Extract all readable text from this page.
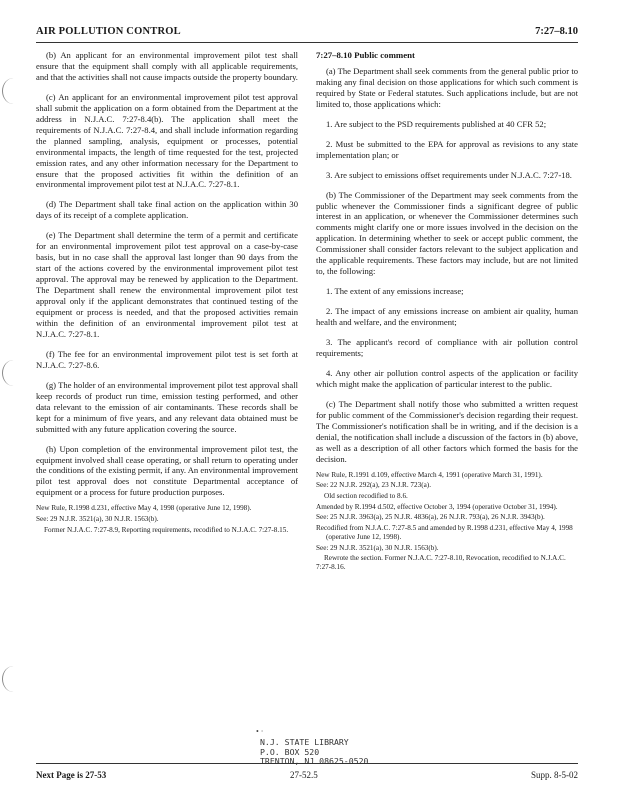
AIR POLLUTION CONTROL	7:27–8.10

(b) An applicant for an environmental improvement pilot test shall ensure that the equipment shall comply with all applicable requirements, and that the activities shall not cause impacts outside the property boundary.

(c) An applicant for an environmental improvement pilot test approval shall submit the application on a form obtained from the Department at the address in N.J.A.C. 7:27-8.4(b). The application shall meet the requirements of N.J.A.C. 7:27-8.4, and shall include information regarding the planned sampling, analysis, equipment or processes, potential environmental impacts, the length of time requested for the test, projected emission rates, and any other information necessary for the Department to ensure that the proposed activities fit within the definition of an environmental improvement pilot test at N.J.A.C. 7:27-8.1.

(d) The Department shall take final action on the application within 30 days of its receipt of a complete application.

(e) The Department shall determine the term of a permit and certificate for an environmental improvement pilot test approval on a case-by-case basis, but in no case shall the approval last longer than 90 days from the start of the actions covered by the environmental improvement pilot test approval. The approval may be renewed by application to the Department. The Department shall renew the environmental improvement pilot test approval only if the applicant demonstrates that continued testing of the equipment or process is needed, and that the proposed activities remain within the definition of an environmental improvement pilot test at N.J.A.C. 7:27-8.1.

(f) The fee for an environmental improvement pilot test is set forth at N.J.A.C. 7:27-8.6.

(g) The holder of an environmental improvement pilot test approval shall keep records of product run time, emission testing performed, and other data relevant to the emission of air contaminants. These records shall be kept for a minimum of five years, and any relevant data obtained must be submitted with any future application covering the source.

(h) Upon completion of the environmental improvement pilot test, the equipment involved shall cease operating, or shall return to operating under the conditions of the existing permit, if any. An environmental improvement pilot test approval does not constitute Departmental acceptance of equipment or a process for future production purposes.

New Rule, R.1998 d.231, effective May 4, 1998 (operative June 12, 1998).
See: 29 N.J.R. 3521(a), 30 N.J.R. 1563(b).
Former N.J.A.C. 7:27-8.9, Reporting requirements, recodified to N.J.A.C. 7:27-8.15.
7:27–8.10 Public comment

(a) The Department shall seek comments from the general public prior to making any final decision on those applications for which such comment is required by State or Federal statutes. Such applications include, but are not limited to, those applications which:

1. Are subject to the PSD requirements published at 40 CFR 52;

2. Must be submitted to the EPA for approval as revisions to any state implementation plan; or

3. Are subject to emissions offset requirements under N.J.A.C. 7:27-18.

(b) The Commissioner of the Department may seek comments from the public whenever the Commissioner finds a significant degree of public interest in an application, or whenever the Commissioner determines such comments might clarify one or more issues involved in the decision on the application. In determining whether to seek or accept public comment, the Commissioner shall consider factors relevant to the subject application and the applicable requirements. These factors may include, but are not limited to, the following:

1. The extent of any emissions increase;

2. The impact of any emissions increase on ambient air quality, human health and welfare, and the environment;

3. The applicant's record of compliance with air pollution control requirements;

4. Any other air pollution control aspects of the application or facility which might make the application of particular interest to the public.

(c) The Department shall notify those who submitted a written request for public comment of the Commissioner's decision regarding their request. The Commissioner's notification shall be in writing, and if the decision is a denial, the notification shall include a discussion of the factors in (b) above, as well as a description of all other factors which formed the basis for the decision.

New Rule, R.1991 d.109, effective March 4, 1991 (operative March 31, 1991).
See: 22 N.J.R. 292(a), 23 N.J.R. 723(a).
Old section recodified to 8.6.
Amended by R.1994 d.502, effective October 3, 1994 (operative October 31, 1994).
See: 25 N.J.R. 3963(a), 25 N.J.R. 4836(a), 26 N.J.R. 793(a), 26 N.J.R. 3943(b).
Recodified from N.J.A.C. 7:27-8.5 and amended by R.1998 d.231, effective May 4, 1998 (operative June 12, 1998).
See: 29 N.J.R. 3521(a), 30 N.J.R. 1563(b).
Rewrote the section. Former N.J.A.C. 7:27-8.10, Revocation, recodified to N.J.A.C. 7:27-8.16.
• ·
N.J. STATE LIBRARY
P.O. BOX 520
TRENTON, NJ 08625-0520
Next Page is 27-53	27-52.5	Supp. 8-5-02
